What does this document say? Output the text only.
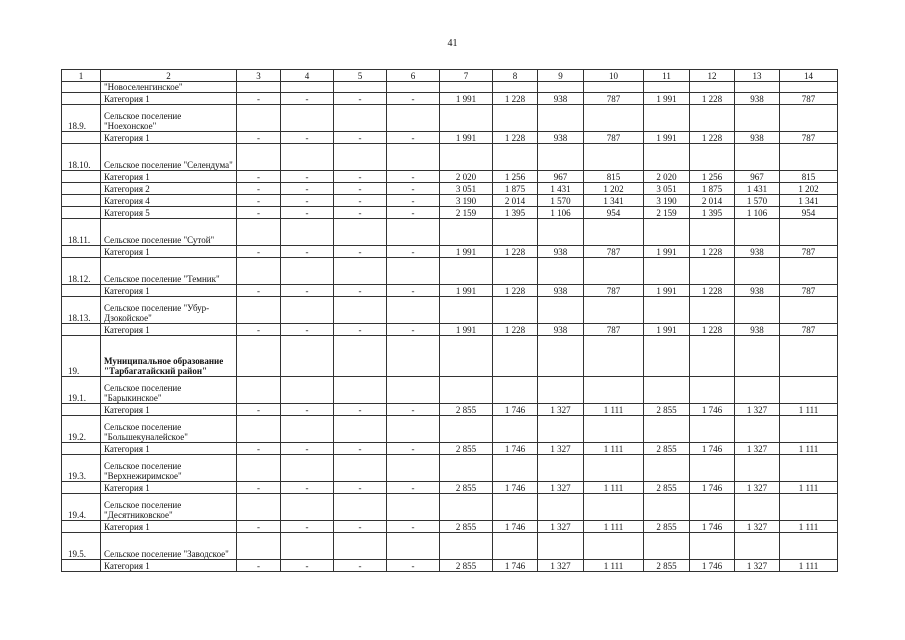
41
1	2	3	4	5	6	7	8	9	10	11	12	13	14
	"Новоселенгинское"												
	Категория 1	-	-	-	-	1 991	1 228	938	787	1 991	1 228	938	787
18.9.	Сельское поселение "Ноехонское"												
	Категория 1	-	-	-	-	1 991	1 228	938	787	1 991	1 228	938	787
18.10.	Сельское поселение "Селендума"												
	Категория 1	-	-	-	-	2 020	1 256	967	815	2 020	1 256	967	815
	Категория 2	-	-	-	-	3 051	1 875	1 431	1 202	3 051	1 875	1 431	1 202
	Категория 4	-	-	-	-	3 190	2 014	1 570	1 341	3 190	2 014	1 570	1 341
	Категория 5	-	-	-	-	2 159	1 395	1 106	954	2 159	1 395	1 106	954
18.11.	Сельское поселение "Сутой"												
	Категория 1	-	-	-	-	1 991	1 228	938	787	1 991	1 228	938	787
18.12.	Сельское поселение "Темник"												
	Категория 1	-	-	-	-	1 991	1 228	938	787	1 991	1 228	938	787
18.13.	Сельское поселение "Убур-Дзокойское"												
	Категория 1	-	-	-	-	1 991	1 228	938	787	1 991	1 228	938	787
19.	Муниципальное образование "Тарбагатайский район"												
19.1.	Сельское поселение "Барыкинское"												
	Категория 1	-	-	-	-	2 855	1 746	1 327	1 111	2 855	1 746	1 327	1 111
19.2.	Сельское поселение "Большекуналейское"												
	Категория 1	-	-	-	-	2 855	1 746	1 327	1 111	2 855	1 746	1 327	1 111
19.3.	Сельское поселение "Верхнежиримское"												
	Категория 1	-	-	-	-	2 855	1 746	1 327	1 111	2 855	1 746	1 327	1 111
19.4.	Сельское поселение "Десятниковское"												
	Категория 1	-	-	-	-	2 855	1 746	1 327	1 111	2 855	1 746	1 327	1 111
19.5.	Сельское поселение "Заводское"												
	Категория 1	-	-	-	-	2 855	1 746	1 327	1 111	2 855	1 746	1 327	1 111
